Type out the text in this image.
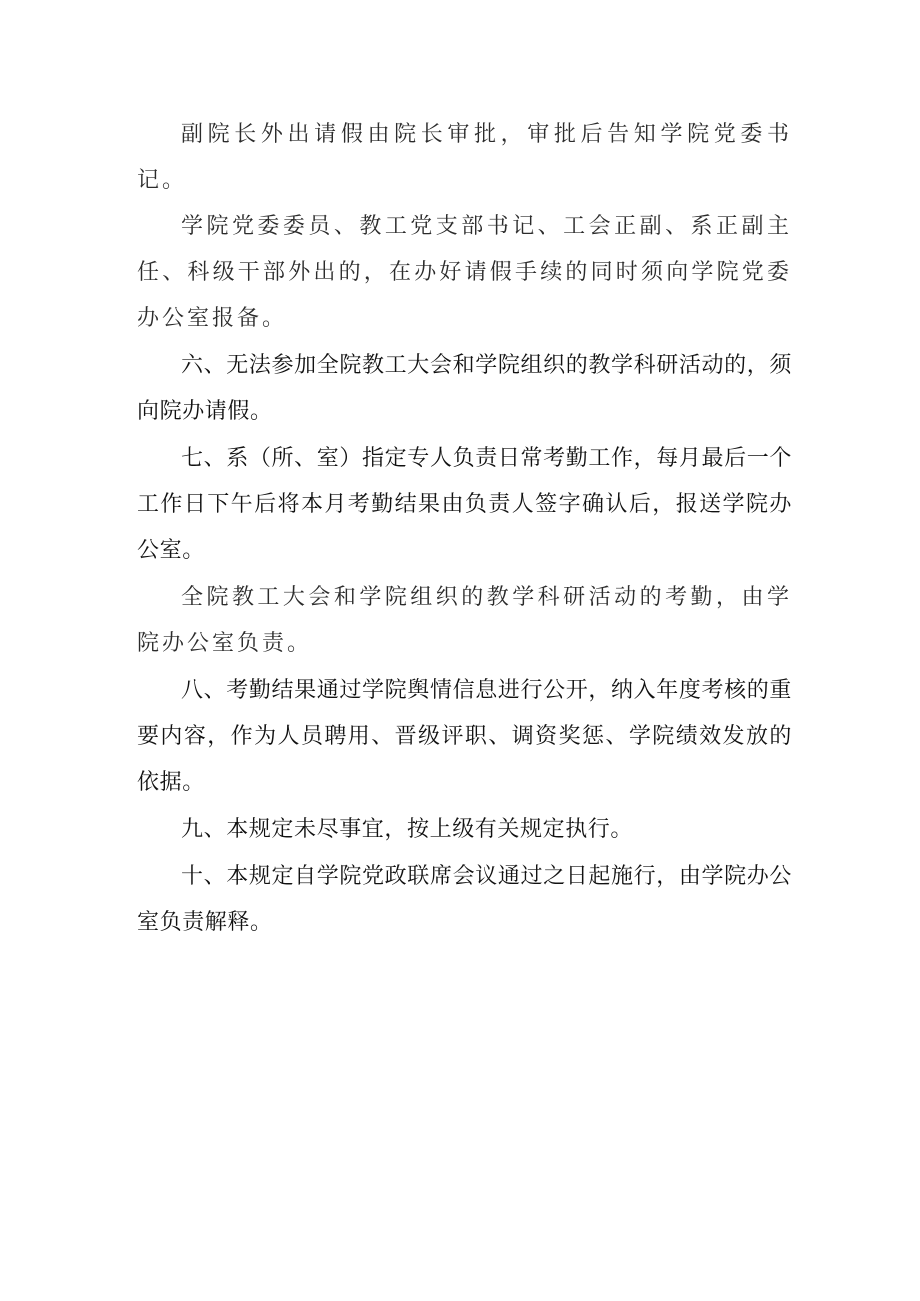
副院长外出请假由院长审批，审批后告知学院党委书记。

学院党委委员、教工党支部书记、工会正副、系正副主任、科级干部外出的，在办好请假手续的同时须向学院党委办公室报备。

六、无法参加全院教工大会和学院组织的教学科研活动的，须向院办请假。

七、系（所、室）指定专人负责日常考勤工作，每月最后一个工作日下午后将本月考勤结果由负责人签字确认后，报送学院办公室。

全院教工大会和学院组织的教学科研活动的考勤，由学院办公室负责。

八、考勤结果通过学院舆情信息进行公开，纳入年度考核的重要内容，作为人员聘用、晋级评职、调资奖惩、学院绩效发放的依据。

九、本规定未尽事宜，按上级有关规定执行。

十、本规定自学院党政联席会议通过之日起施行，由学院办公室负责解释。
